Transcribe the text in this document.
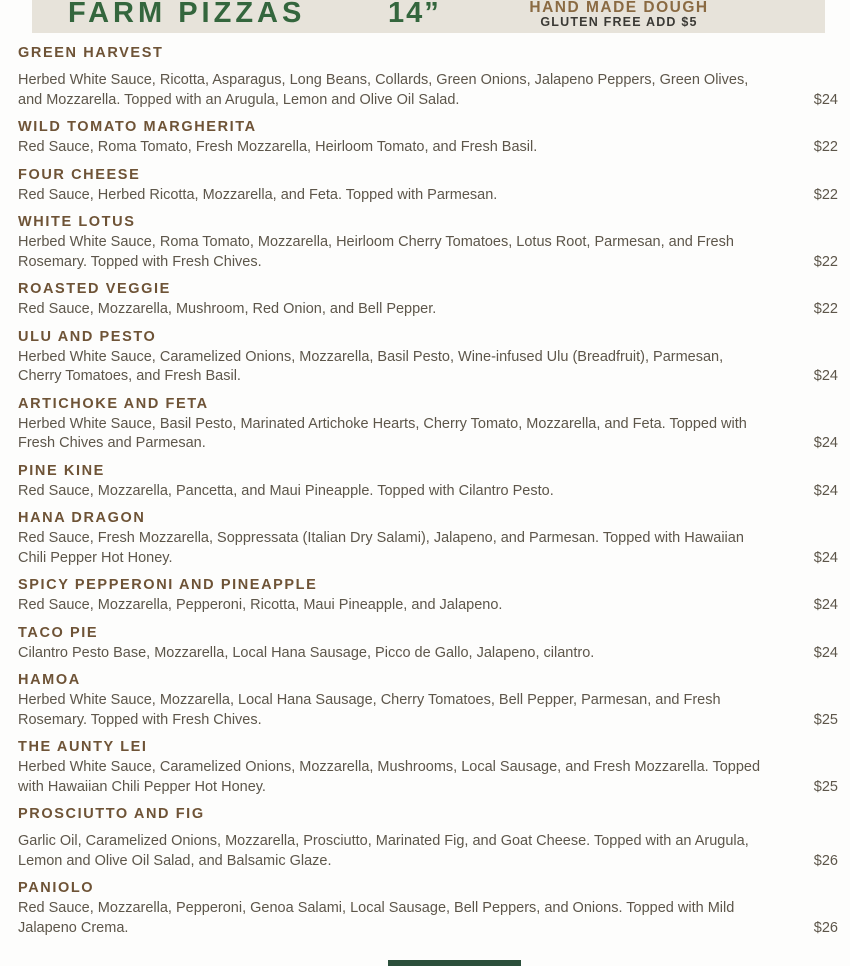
FARM PIZZAS	14”	HAND MADE DOUGH
GLUTEN FREE ADD $5
GREEN HARVEST
Herbed White Sauce, Ricotta, Asparagus, Long Beans, Collards, Green Onions, Jalapeno Peppers, Green Olives, and Mozzarella. Topped with an Arugula, Lemon and Olive Oil Salad.	$24
WILD TOMATO MARGHERITA
Red Sauce, Roma Tomato, Fresh Mozzarella, Heirloom Tomato, and Fresh Basil.	$22
FOUR CHEESE
Red Sauce, Herbed Ricotta, Mozzarella, and Feta. Topped with Parmesan.	$22
WHITE LOTUS
Herbed White Sauce, Roma Tomato, Mozzarella, Heirloom Cherry Tomatoes, Lotus Root, Parmesan, and Fresh Rosemary. Topped with Fresh Chives.	$22
ROASTED VEGGIE
Red Sauce, Mozzarella, Mushroom, Red Onion, and Bell Pepper.	$22
ULU AND PESTO
Herbed White Sauce, Caramelized Onions, Mozzarella, Basil Pesto, Wine-infused Ulu (Breadfruit), Parmesan, Cherry Tomatoes, and Fresh Basil.	$24
ARTICHOKE AND FETA
Herbed White Sauce, Basil Pesto, Marinated Artichoke Hearts, Cherry Tomato, Mozzarella, and Feta. Topped with Fresh Chives and Parmesan.	$24
PINE KINE
Red Sauce, Mozzarella, Pancetta, and Maui Pineapple. Topped with Cilantro Pesto.	$24
HANA DRAGON
Red Sauce, Fresh Mozzarella, Soppressata (Italian Dry Salami), Jalapeno, and Parmesan. Topped with Hawaiian Chili Pepper Hot Honey.	$24
SPICY PEPPERONI AND PINEAPPLE
Red Sauce, Mozzarella, Pepperoni, Ricotta, Maui Pineapple, and Jalapeno.	$24
TACO PIE
Cilantro Pesto Base, Mozzarella, Local Hana Sausage, Picco de Gallo, Jalapeno, cilantro.	$24
HAMOA
Herbed White Sauce, Mozzarella, Local Hana Sausage, Cherry Tomatoes, Bell Pepper, Parmesan, and Fresh Rosemary. Topped with Fresh Chives.	$25
THE AUNTY LEI
Herbed White Sauce, Caramelized Onions, Mozzarella, Mushrooms, Local Sausage, and Fresh Mozzarella. Topped with Hawaiian Chili Pepper Hot Honey.	$25
PROSCIUTTO AND FIG
Garlic Oil, Caramelized Onions, Mozzarella, Prosciutto, Marinated Fig, and Goat Cheese. Topped with an Arugula, Lemon and Olive Oil Salad, and Balsamic Glaze.	$26
PANIOLO
Red Sauce, Mozzarella, Pepperoni, Genoa Salami, Local Sausage, Bell Peppers, and Onions. Topped with Mild Jalapeno Crema.	$26
